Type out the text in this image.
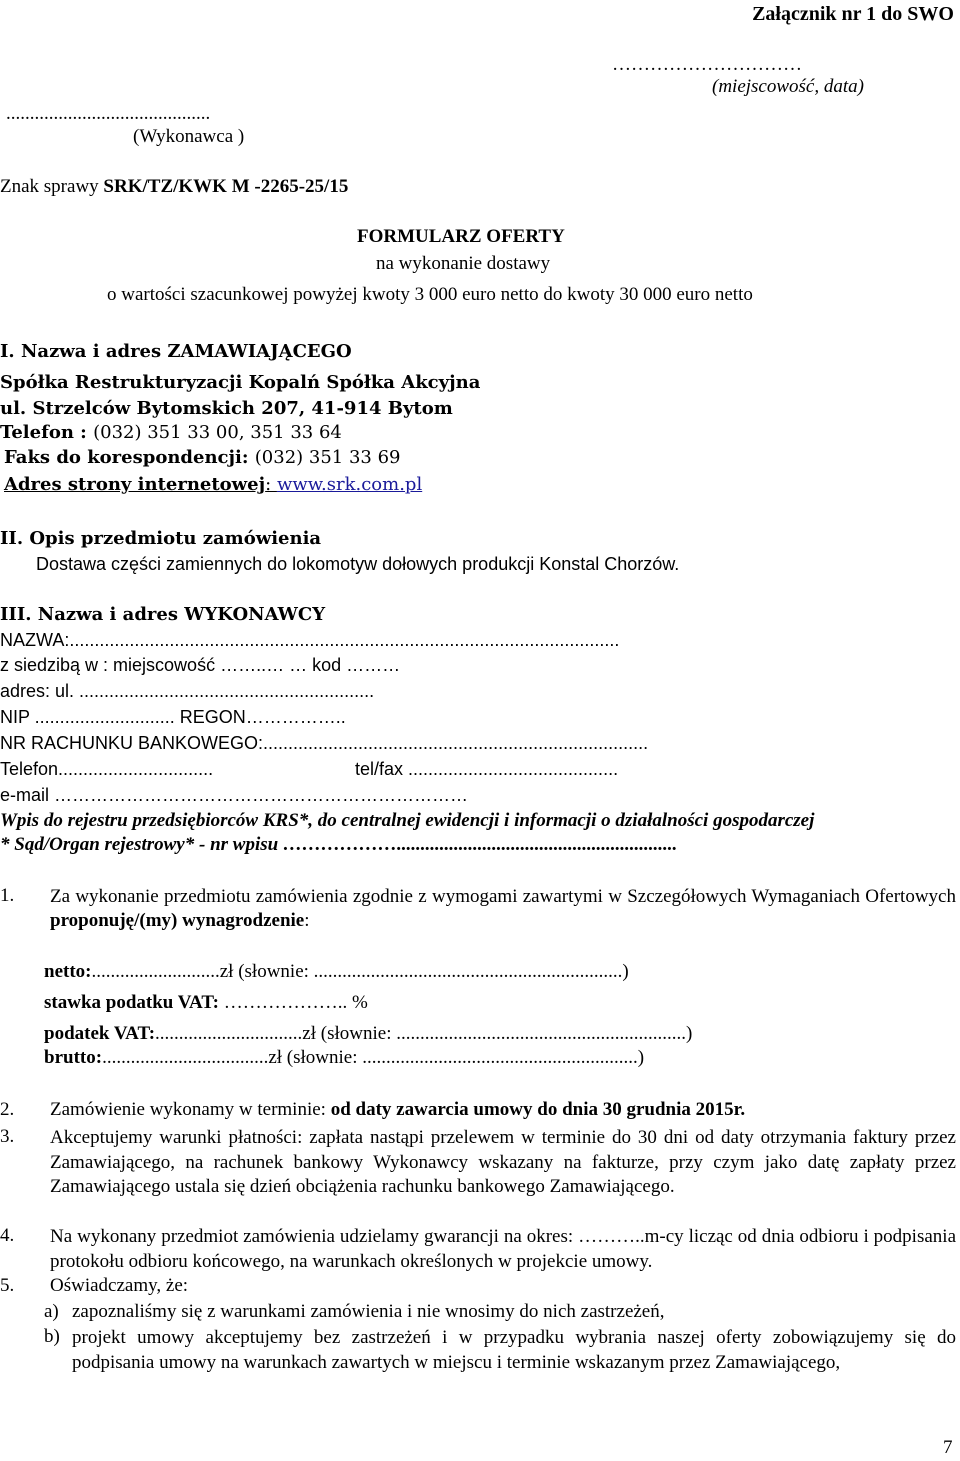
Załącznik nr 1 do SWO
…………………………
(miejscowość, data)
...........................................
(Wykonawca )
Znak sprawy SRK/TZ/KWK M -2265-25/15
FORMULARZ OFERTY
na wykonanie dostawy
o wartości szacunkowej powyżej kwoty 3 000 euro netto do kwoty 30 000 euro netto
I. Nazwa i adres ZAMAWIAJĄCEGO
Spółka Restrukturyzacji Kopalń Spółka Akcyjna
ul. Strzelców Bytomskich 207, 41-914 Bytom
Telefon : (032) 351 33 00, 351 33 64
Faks do korespondencji: (032) 351 33 69
Adres strony internetowej: www.srk.com.pl
II. Opis przedmiotu zamówienia
Dostawa części zamiennych do lokomotyw dołowych produkcji Konstal Chorzów.
III. Nazwa i adres WYKONAWCY
NAZWA:..............................................................................................................
z siedzibą w : miejscowość ……..… … kod ………
adres: ul. ...........................................................
NIP ............................ REGON……………..
NR RACHUNKU BANKOWEGO:.............................................................................
Telefon...............................	tel/fax ..........................................
e-mail ……………………………………………………………
Wpis do rejestru przedsiębiorców KRS*, do centralnej ewidencji i informacji o działalności gospodarczej
* Sąd/Organ rejestrowy* - nr wpisu ………………...........................................................
1. Za wykonanie przedmiotu zamówienia zgodnie z wymogami zawartymi w Szczegółowych Wymaganiach Ofertowych proponuję/(my) wynagrodzenie:
netto:...........................zł (słownie: .................................................................)
stawka podatku VAT: ……………….. %
podatek VAT:...............................zł (słownie: .............................................................)
brutto:...................................zł (słownie: ..........................................................)
2. Zamówienie wykonamy w terminie: od daty zawarcia umowy do dnia 30 grudnia 2015r.
3. Akceptujemy warunki płatności: zapłata nastąpi przelewem w terminie do 30 dni od daty otrzymania faktury przez Zamawiającego, na rachunek bankowy Wykonawcy wskazany na fakturze, przy czym jako datę zapłaty przez Zamawiającego ustala się dzień obciążenia rachunku bankowego Zamawiającego.
4. Na wykonany przedmiot zamówienia udzielamy gwarancji na okres: ………..m-cy licząc od dnia odbioru i podpisania protokołu odbioru końcowego, na warunkach określonych w projekcie umowy.
5. Oświadczamy, że:
a) zapoznaliśmy się z warunkami zamówienia i nie wnosimy do nich zastrzeżeń,
b) projekt umowy akceptujemy bez zastrzeżeń i w przypadku wybrania naszej oferty zobowiązujemy się do podpisania umowy na warunkach zawartych w miejscu i terminie wskazanym przez Zamawiającego,
7
